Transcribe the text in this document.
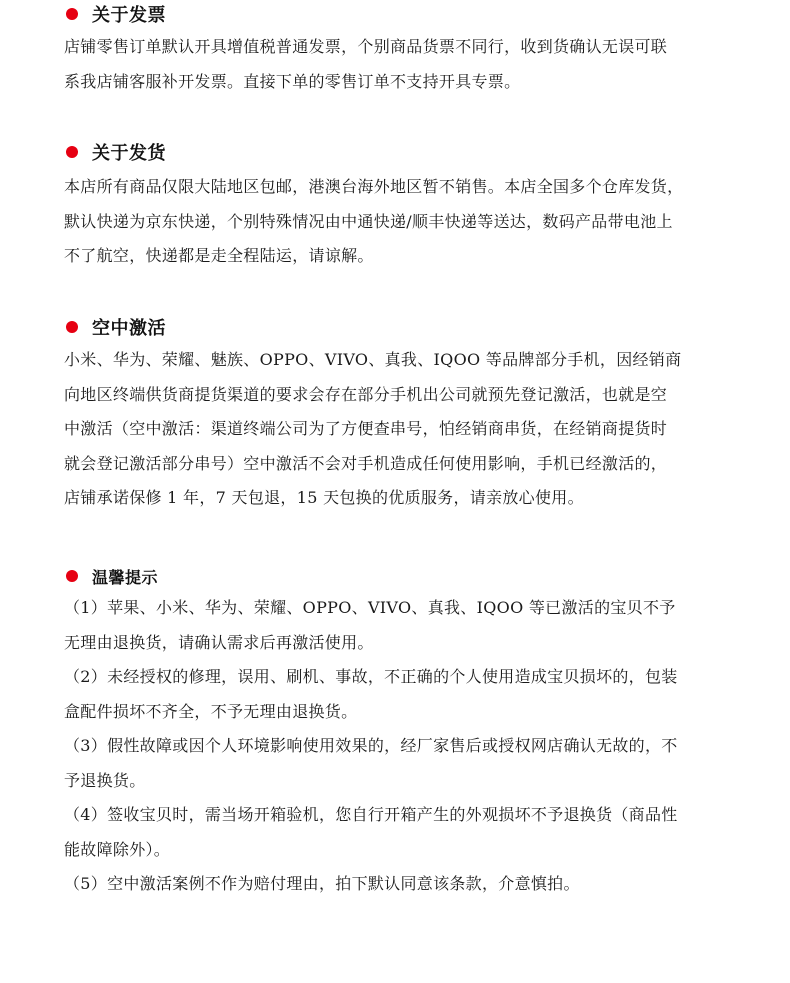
关于发票
店铺零售订单默认开具增值税普通发票，个别商品货票不同行，收到货确认无误可联
系我店铺客服补开发票。直接下单的零售订单不支持开具专票。
关于发货
本店所有商品仅限大陆地区包邮，港澳台海外地区暂不销售。本店全国多个仓库发货，
默认快递为京东快递，个别特殊情况由中通快递/顺丰快递等送达，数码产品带电池上
不了航空，快递都是走全程陆运，请谅解。
空中激活
小米、华为、荣耀、魅族、OPPO、VIVO、真我、IQOO 等品牌部分手机，因经销商
向地区终端供货商提货渠道的要求会存在部分手机出公司就预先登记激活，也就是空
中激活（空中激活：渠道终端公司为了方便查串号，怕经销商串货，在经销商提货时
就会登记激活部分串号）空中激活不会对手机造成任何使用影响，手机已经激活的，
店铺承诺保修 1 年，7 天包退，15 天包换的优质服务，请亲放心使用。
温馨提示
（1）苹果、小米、华为、荣耀、OPPO、VIVO、真我、IQOO 等已激活的宝贝不予
无理由退换货，请确认需求后再激活使用。
（2）未经授权的修理，误用、刷机、事故，不正确的个人使用造成宝贝损坏的，包装
盒配件损坏不齐全，不予无理由退换货。
（3）假性故障或因个人环境影响使用效果的，经厂家售后或授权网店确认无故的，不
予退换货。
（4）签收宝贝时，需当场开箱验机，您自行开箱产生的外观损坏不予退换货（商品性
能故障除外）。
（5）空中激活案例不作为赔付理由，拍下默认同意该条款，介意慎拍。
